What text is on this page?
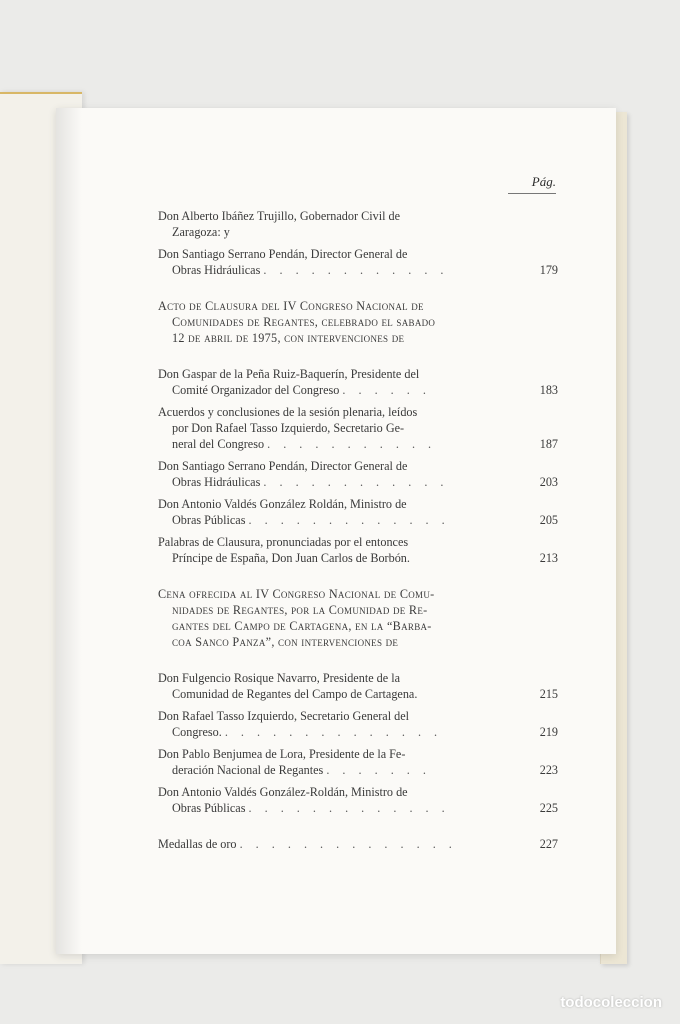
Pág.
Don Alberto Ibáñez Trujillo, Gobernador Civil de
Zaragoza: y
Don Santiago Serrano Pendán, Director General de
Obras Hidráulicas . . . . . . . . . . . .	179
Acto de Clausura del IV Congreso Nacional de
Comunidades de Regantes, celebrado el sabado
12 de abril de 1975, con intervenciones de
Don Gaspar de la Peña Ruiz-Baquerín, Presidente del
Comité Organizador del Congreso . . . . . .	183
Acuerdos y conclusiones de la sesión plenaria, leídos
por Don Rafael Tasso Izquierdo, Secretario Ge-
neral del Congreso . . . . . . . . . . .	187
Don Santiago Serrano Pendán, Director General de
Obras Hidráulicas . . . . . . . . . . . .	203
Don Antonio Valdés González Roldán, Ministro de
Obras Públicas . . . . . . . . . . . . .	205
Palabras de Clausura, pronunciadas por el entonces
Príncipe de España, Don Juan Carlos de Borbón.	213
Cena ofrecida al IV Congreso Nacional de Comu-
nidades de Regantes, por la Comunidad de Re-
gantes del Campo de Cartagena, en la “Barba-
coa Sanco Panza”, con intervenciones de
Don Fulgencio Rosique Navarro, Presidente de la
Comunidad de Regantes del Campo de Cartagena.	215
Don Rafael Tasso Izquierdo, Secretario General del
Congreso. . . . . . . . . . . . . . .	219
Don Pablo Benjumea de Lora, Presidente de la Fe-
deración Nacional de Regantes . . . . . . .	223
Don Antonio Valdés González-Roldán, Ministro de
Obras Públicas . . . . . . . . . . . . .	225
Medallas de oro . . . . . . . . . . . . . .	227
todocoleccion
